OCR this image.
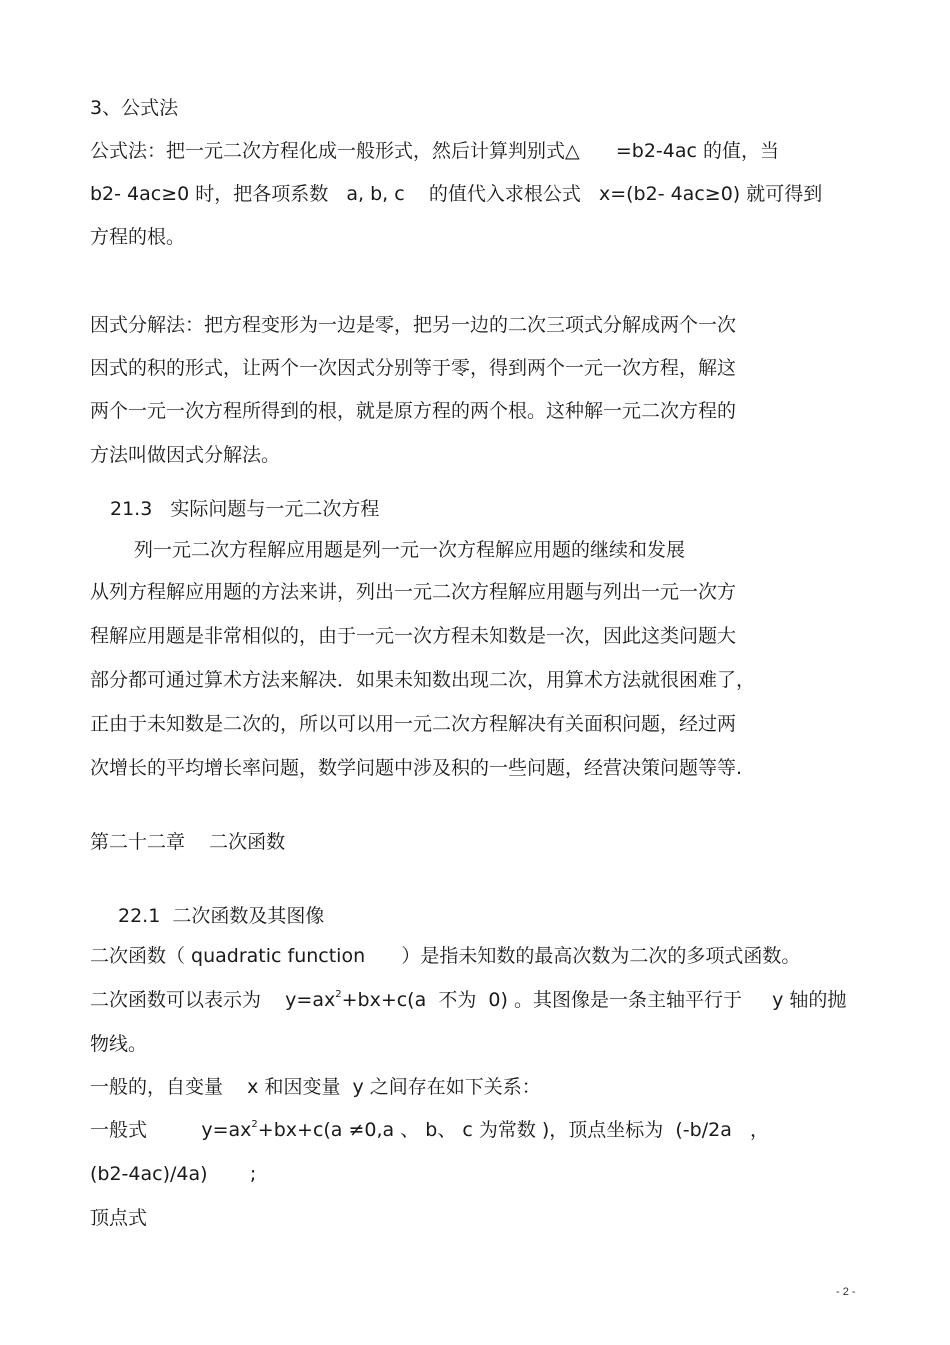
3、公式法
公式法：把一元二次方程化成一般形式，然后计算判别式△      =b2-4ac 的值，当
b2- 4ac≥0 时，把各项系数   a, b, c    的值代入求根公式   x=(b2- 4ac≥0) 就可得到
方程的根。
因式分解法：把方程变形为一边是零，把另一边的二次三项式分解成两个一次
因式的积的形式，让两个一次因式分别等于零，得到两个一元一次方程，解这
两个一元一次方程所得到的根，就是原方程的两个根。这种解一元二次方程的
方法叫做因式分解法。
21.3   实际问题与一元二次方程
列一元二次方程解应用题是列一元一次方程解应用题的继续和发展
从列方程解应用题的方法来讲，列出一元二次方程解应用题与列出一元一次方
程解应用题是非常相似的，由于一元一次方程未知数是一次，因此这类问题大
部分都可通过算术方法来解决．如果未知数出现二次，用算术方法就很困难了，
正由于未知数是二次的，所以可以用一元二次方程解决有关面积问题，经过两
次增长的平均增长率问题，数学问题中涉及积的一些问题，经营决策问题等等.
第二十二章    二次函数
22.1  二次函数及其图像
二次函数（ quadratic function      ）是指未知数的最高次数为二次的多项式函数。
二次函数可以表示为    $y=ax^2+bx+c(a$  不为  0) 。其图像是一条主轴平行于     y 轴的抛
物线。
一般的，自变量    x 和因变量  y 之间存在如下关系：
一般式         $y=ax^2+bx+c(a \ne 0,a$ 、 b、 c 为常数 )，顶点坐标为  (-b/2a   ，
(b2-4ac)/4a)       ;
顶点式
- 2 -
